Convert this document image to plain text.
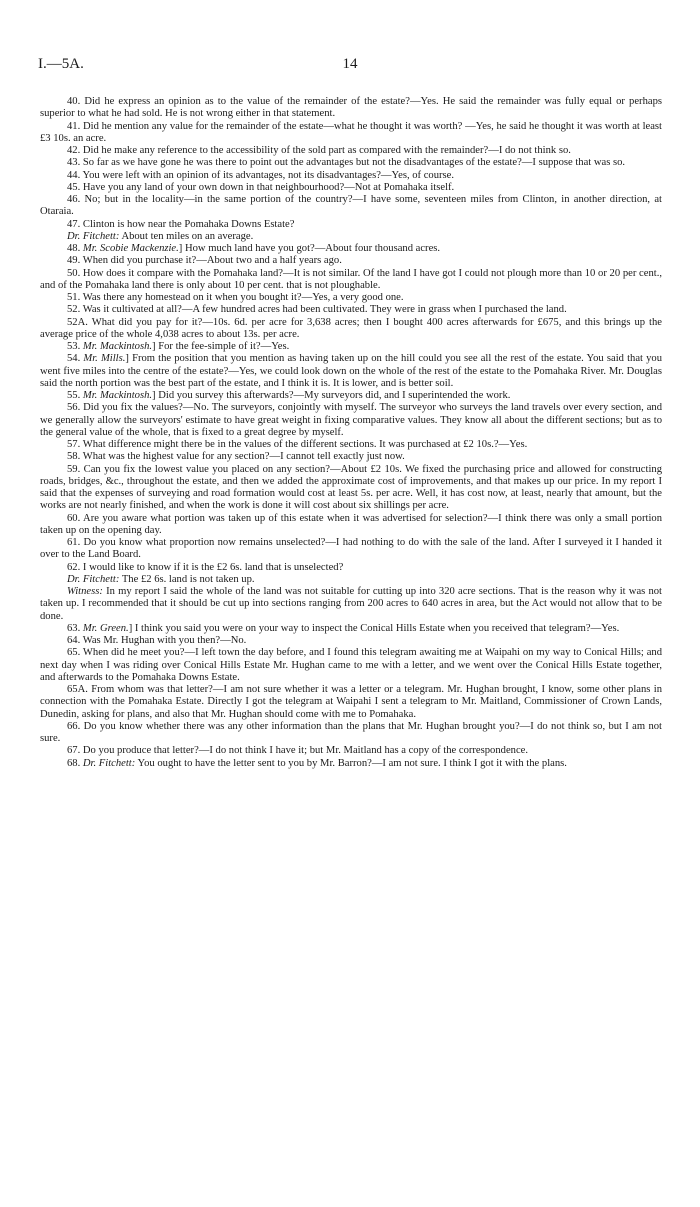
I.—5A.	14

40. Did he express an opinion as to the value of the remainder of the estate?—Yes. He said the remainder was fully equal or perhaps superior to what he had sold. He is not wrong either in that statement.

41. Did he mention any value for the remainder of the estate—what he thought it was worth? —Yes, he said he thought it was worth at least £3 10s. an acre.

42. Did he make any reference to the accessibility of the sold part as compared with the remainder?—I do not think so.

43. So far as we have gone he was there to point out the advantages but not the disadvantages of the estate?—I suppose that was so.

44. You were left with an opinion of its advantages, not its disadvantages?—Yes, of course.

45. Have you any land of your own down in that neighbourhood?—Not at Pomahaka itself.

46. No; but in the locality—in the same portion of the country?—I have some, seventeen miles from Clinton, in another direction, at Otaraia.

47. Clinton is how near the Pomahaka Downs Estate?

Dr. Fitchett: About ten miles on an average.

48. Mr. Scobie Mackenzie.] How much land have you got?—About four thousand acres.

49. When did you purchase it?—About two and a half years ago.

50. How does it compare with the Pomahaka land?—It is not similar. Of the land I have got I could not plough more than 10 or 20 per cent., and of the Pomahaka land there is only about 10 per cent. that is not ploughable.

51. Was there any homestead on it when you bought it?—Yes, a very good one.

52. Was it cultivated at all?—A few hundred acres had been cultivated. They were in grass when I purchased the land.

52A. What did you pay for it?—10s. 6d. per acre for 3,638 acres; then I bought 400 acres afterwards for £675, and this brings up the average price of the whole 4,038 acres to about 13s. per acre.

53. Mr. Mackintosh.] For the fee-simple of it?—Yes.

54. Mr. Mills.] From the position that you mention as having taken up on the hill could you see all the rest of the estate. You said that you went five miles into the centre of the estate?—Yes, we could look down on the whole of the rest of the estate to the Pomahaka River. Mr. Douglas said the north portion was the best part of the estate, and I think it is. It is lower, and is better soil.

55. Mr. Mackintosh.] Did you survey this afterwards?—My surveyors did, and I superintended the work.

56. Did you fix the values?—No. The surveyors, conjointly with myself. The surveyor who surveys the land travels over every section, and we generally allow the surveyors' estimate to have great weight in fixing comparative values. They know all about the different sections; but as to the general value of the whole, that is fixed to a great degree by myself.

57. What difference might there be in the values of the different sections. It was purchased at £2 10s.?—Yes.

58. What was the highest value for any section?—I cannot tell exactly just now.

59. Can you fix the lowest value you placed on any section?—About £2 10s. We fixed the purchasing price and allowed for constructing roads, bridges, &c., throughout the estate, and then we added the approximate cost of improvements, and that makes up our price. In my report I said that the expenses of surveying and road formation would cost at least 5s. per acre. Well, it has cost now, at least, nearly that amount, but the works are not nearly finished, and when the work is done it will cost about six shillings per acre.

60. Are you aware what portion was taken up of this estate when it was advertised for selection?—I think there was only a small portion taken up on the opening day.

61. Do you know what proportion now remains unselected?—I had nothing to do with the sale of the land. After I surveyed it I handed it over to the Land Board.

62. I would like to know if it is the £2 6s. land that is unselected?

Dr. Fitchett: The £2 6s. land is not taken up.

Witness: In my report I said the whole of the land was not suitable for cutting up into 320 acre sections. That is the reason why it was not taken up. I recommended that it should be cut up into sections ranging from 200 acres to 640 acres in area, but the Act would not allow that to be done.

63. Mr. Green.] I think you said you were on your way to inspect the Conical Hills Estate when you received that telegram?—Yes.

64. Was Mr. Hughan with you then?—No.

65. When did he meet you?—I left town the day before, and I found this telegram awaiting me at Waipahi on my way to Conical Hills; and next day when I was riding over Conical Hills Estate Mr. Hughan came to me with a letter, and we went over the Conical Hills Estate together, and afterwards to the Pomahaka Downs Estate.

65A. From whom was that letter?—I am not sure whether it was a letter or a telegram. Mr. Hughan brought, I know, some other plans in connection with the Pomahaka Estate. Directly I got the telegram at Waipahi I sent a telegram to Mr. Maitland, Commissioner of Crown Lands, Dunedin, asking for plans, and also that Mr. Hughan should come with me to Pomahaka.

66. Do you know whether there was any other information than the plans that Mr. Hughan brought you?—I do not think so, but I am not sure.

67. Do you produce that letter?—I do not think I have it; but Mr. Maitland has a copy of the correspondence.

68. Dr. Fitchett: You ought to have the letter sent to you by Mr. Barron?—I am not sure. I think I got it with the plans.
